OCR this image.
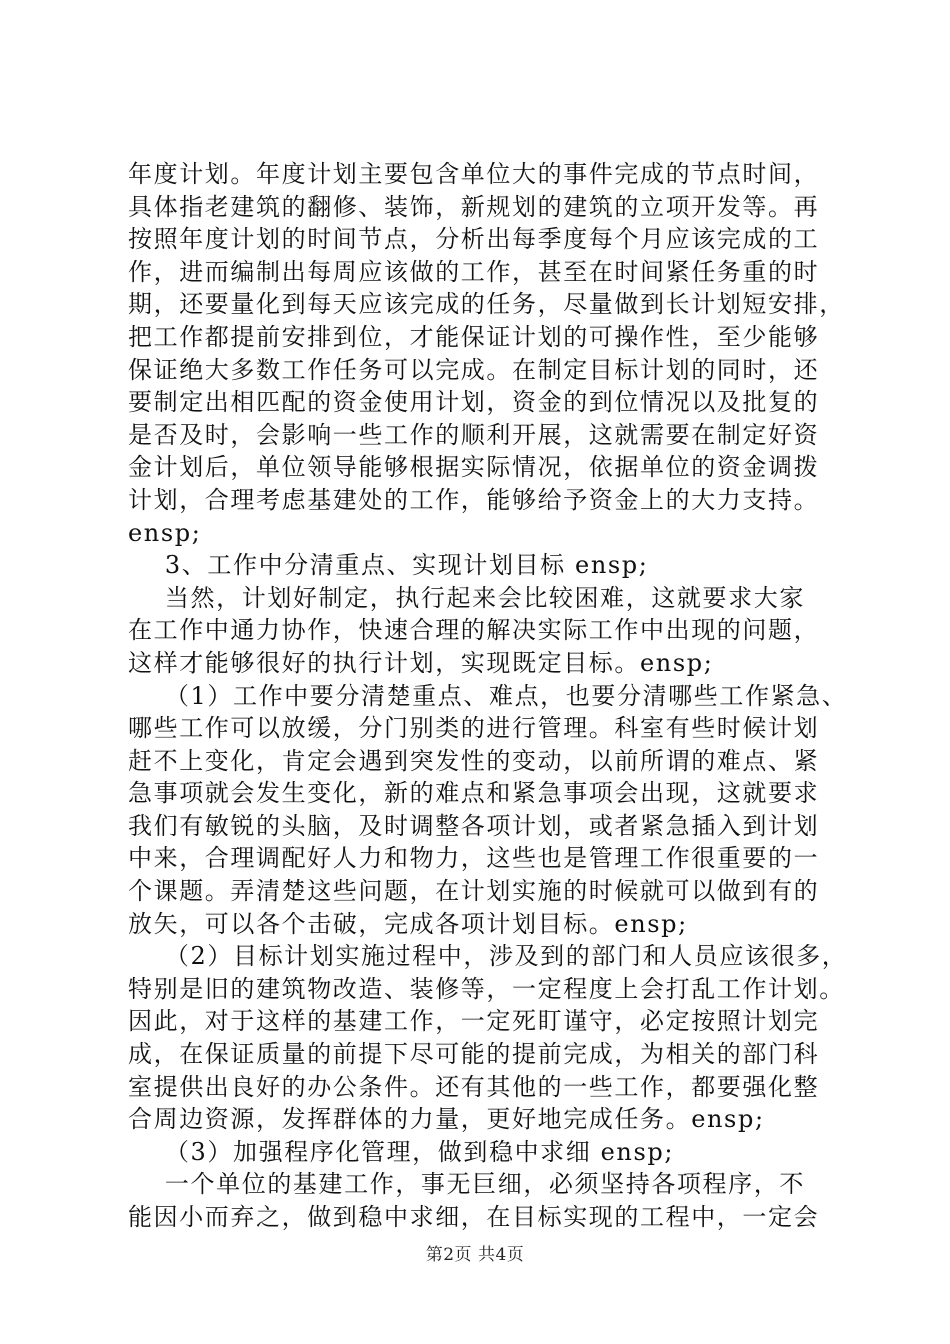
年度计划。年度计划主要包含单位大的事件完成的节点时间，
具体指老建筑的翻修、装饰，新规划的建筑的立项开发等。再
按照年度计划的时间节点，分析出每季度每个月应该完成的工
作，进而编制出每周应该做的工作，甚至在时间紧任务重的时
期，还要量化到每天应该完成的任务，尽量做到长计划短安排，
把工作都提前安排到位，才能保证计划的可操作性，至少能够
保证绝大多数工作任务可以完成。在制定目标计划的同时，还
要制定出相匹配的资金使用计划，资金的到位情况以及批复的
是否及时，会影响一些工作的顺利开展，这就需要在制定好资
金计划后，单位领导能够根据实际情况，依据单位的资金调拨
计划，合理考虑基建处的工作，能够给予资金上的大力支持。
ensp;
3、工作中分清重点、实现计划目标 ensp;
当然，计划好制定，执行起来会比较困难，这就要求大家
在工作中通力协作，快速合理的解决实际工作中出现的问题，
这样才能够很好的执行计划，实现既定目标。ensp;
（1）工作中要分清楚重点、难点，也要分清哪些工作紧急、
哪些工作可以放缓，分门别类的进行管理。科室有些时候计划
赶不上变化，肯定会遇到突发性的变动，以前所谓的难点、紧
急事项就会发生变化，新的难点和紧急事项会出现，这就要求
我们有敏锐的头脑，及时调整各项计划，或者紧急插入到计划
中来，合理调配好人力和物力，这些也是管理工作很重要的一
个课题。弄清楚这些问题，在计划实施的时候就可以做到有的
放矢，可以各个击破，完成各项计划目标。ensp;
（2）目标计划实施过程中，涉及到的部门和人员应该很多，
特别是旧的建筑物改造、装修等，一定程度上会打乱工作计划。
因此，对于这样的基建工作，一定死盯谨守，必定按照计划完
成，在保证质量的前提下尽可能的提前完成，为相关的部门科
室提供出良好的办公条件。还有其他的一些工作，都要强化整
合周边资源，发挥群体的力量，更好地完成任务。ensp;
（3）加强程序化管理，做到稳中求细 ensp;
一个单位的基建工作，事无巨细，必须坚持各项程序，不
能因小而弃之，做到稳中求细，在目标实现的工程中，一定会
第2页 共4页
